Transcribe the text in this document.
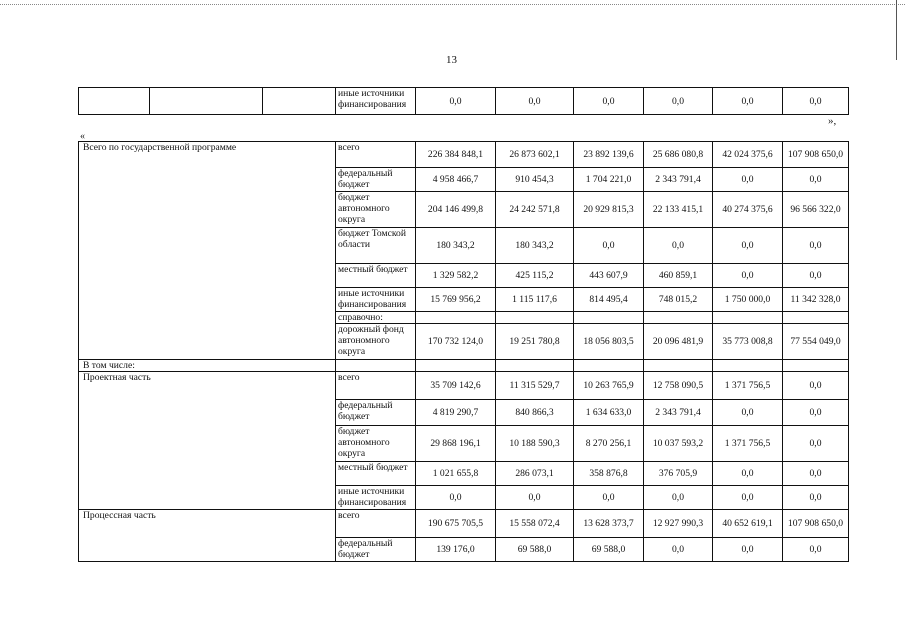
13
			иные источники финансирования	0,0	0,0	0,0	0,0	0,0	0,0
»,
«
Всего по государственной программе	всего	226 384 848,1	26 873 602,1	23 892 139,6	25 686 080,8	42 024 375,6	107 908 650,0
	федеральный бюджет	4 958 466,7	910 454,3	1 704 221,0	2 343 791,4	0,0	0,0
	бюджет автономного округа	204 146 499,8	24 242 571,8	20 929 815,3	22 133 415,1	40 274 375,6	96 566 322,0
	бюджет Томской области	180 343,2	180 343,2	0,0	0,0	0,0	0,0
	местный бюджет	1 329 582,2	425 115,2	443 607,9	460 859,1	0,0	0,0
	иные источники финансирования	15 769 956,2	1 115 117,6	814 495,4	748 015,2	1 750 000,0	11 342 328,0
	справочно:						
	дорожный фонд автономного округа	170 732 124,0	19 251 780,8	18 056 803,5	20 096 481,9	35 773 008,8	77 554 049,0
В том числе:							
Проектная часть	всего	35 709 142,6	11 315 529,7	10 263 765,9	12 758 090,5	1 371 756,5	0,0
	федеральный бюджет	4 819 290,7	840 866,3	1 634 633,0	2 343 791,4	0,0	0,0
	бюджет автономного округа	29 868 196,1	10 188 590,3	8 270 256,1	10 037 593,2	1 371 756,5	0,0
	местный бюджет	1 021 655,8	286 073,1	358 876,8	376 705,9	0,0	0,0
	иные источники финансирования	0,0	0,0	0,0	0,0	0,0	0,0
Процессная часть	всего	190 675 705,5	15 558 072,4	13 628 373,7	12 927 990,3	40 652 619,1	107 908 650,0
	федеральный бюджет	139 176,0	69 588,0	69 588,0	0,0	0,0	0,0
